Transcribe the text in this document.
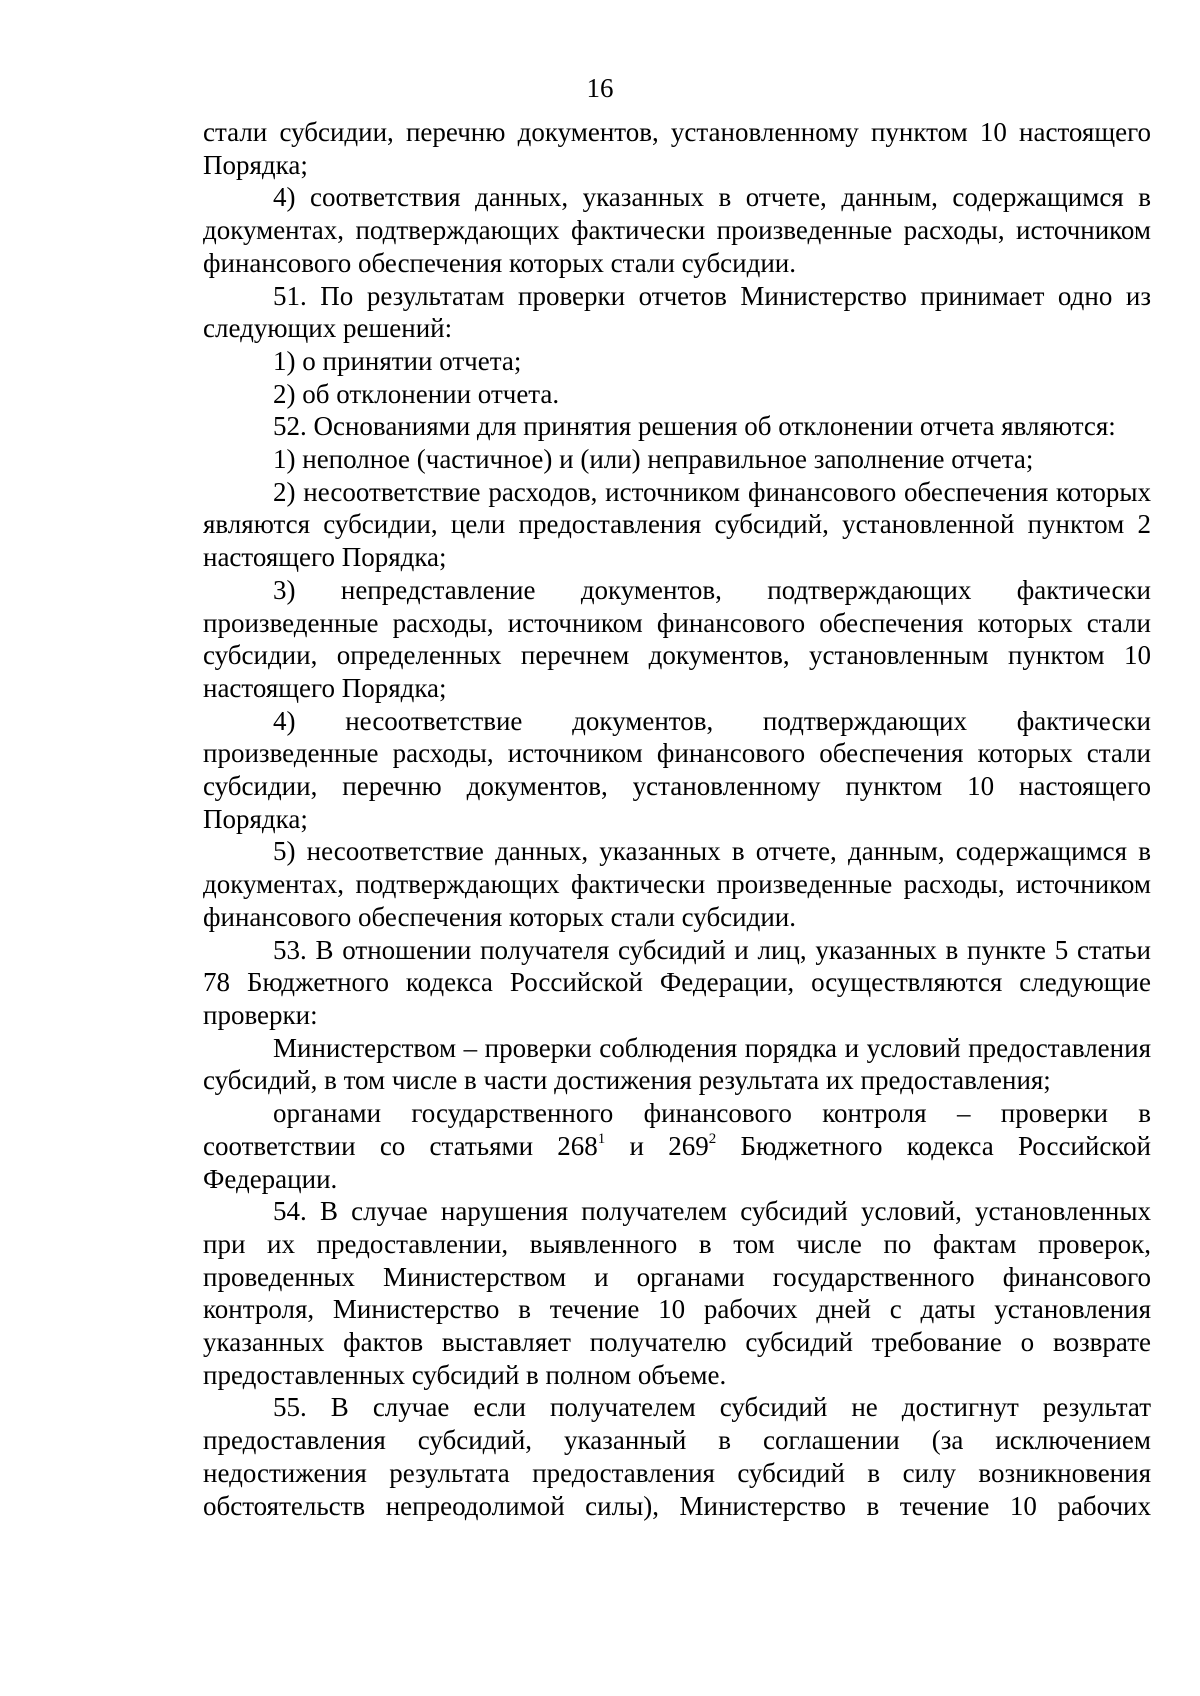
16

стали субсидии, перечню документов, установленному пунктом 10 настоящего Порядка;

4) соответствия данных, указанных в отчете, данным, содержащимся в документах, подтверждающих фактически произведенные расходы, источником финансового обеспечения которых стали субсидии.

51. По результатам проверки отчетов Министерство принимает одно из следующих решений:

1) о принятии отчета;

2) об отклонении отчета.

52. Основаниями для принятия решения об отклонении отчета являются:

1) неполное (частичное) и (или) неправильное заполнение отчета;

2) несоответствие расходов, источником финансового обеспечения которых являются субсидии, цели предоставления субсидий, установленной пунктом 2 настоящего Порядка;

3) непредставление документов, подтверждающих фактически произведенные расходы, источником финансового обеспечения которых стали субсидии, определенных перечнем документов, установленным пунктом 10 настоящего Порядка;

4) несоответствие документов, подтверждающих фактически произведенные расходы, источником финансового обеспечения которых стали субсидии, перечню документов, установленному пунктом 10 настоящего Порядка;

5) несоответствие данных, указанных в отчете, данным, содержащимся в документах, подтверждающих фактически произведенные расходы, источником финансового обеспечения которых стали субсидии.

53. В отношении получателя субсидий и лиц, указанных в пункте 5 статьи 78 Бюджетного кодекса Российской Федерации, осуществляются следующие проверки:

Министерством – проверки соблюдения порядка и условий предоставления субсидий, в том числе в части достижения результата их предоставления;

органами государственного финансового контроля – проверки в соответствии со статьями $268^1$ и $269^2$ Бюджетного кодекса Российской Федерации.

54. В случае нарушения получателем субсидий условий, установленных при их предоставлении, выявленного в том числе по фактам проверок, проведенных Министерством и органами государственного финансового контроля, Министерство в течение 10 рабочих дней с даты установления указанных фактов выставляет получателю субсидий требование о возврате предоставленных субсидий в полном объеме.

55. В случае если получателем субсидий не достигнут результат предоставления субсидий, указанный в соглашении (за исключением недостижения результата предоставления субсидий в силу возникновения обстоятельств непреодолимой силы), Министерство в течение 10 рабочих
